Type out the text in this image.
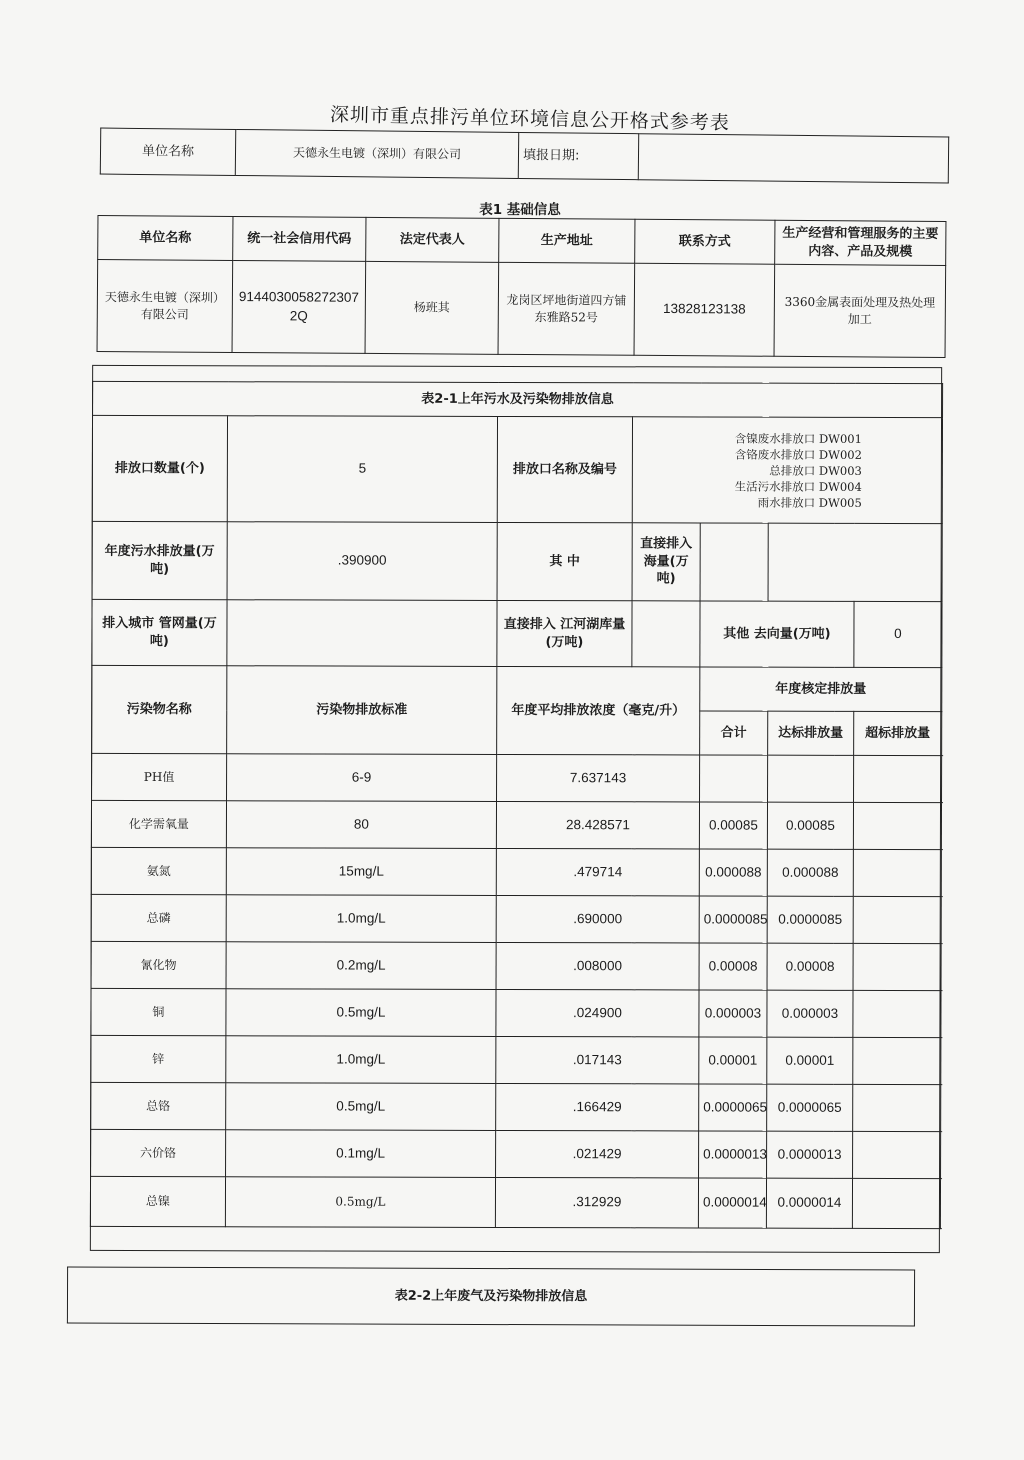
深圳市重点排污单位环境信息公开格式参考表
单位名称	天德永生电镀（深圳）有限公司	填报日期:	
表1 基础信息
单位名称	统一社会信用代码	法定代表人	生产地址	联系方式	生产经营和管理服务的主要内容、产品及规模
天德永生电镀（深圳）有限公司	91440300582723072Q	杨班其	龙岗区坪地街道四方铺东雅路52号	13828123138	3360金属表面处理及热处理加工
表2-1上年污水及污染物排放信息						
排放口数量(个)	5	排放口名称及编号	含镍废水排放口 DW001
含铬废水排放口 DW002
总排放口 DW003
生活污水排放口 DW004
雨水排放口 DW005			

年度污水排放量(万吨)	.390900	其 中	直接排入海量(万吨)			
排入城市 管网量(万吨)		直接排入 江河湖库量 (万吨)		其他 去向量(万吨)		0
污染物名称	污染物排放标准	年度平均排放浓度（毫克/升）		年度核定排放量		
				合计	达标排放量	超标排放量
PH值	6-9	7.637143				
化学需氧量	80	28.428571		0.00085	0.00085	
氨氮	15mg/L	.479714		0.000088	0.000088	
总磷	1.0mg/L	.690000		0.0000085	0.0000085	
氰化物	0.2mg/L	.008000		0.00008	0.00008	
铜	0.5mg/L	.024900		0.000003	0.000003	
锌	1.0mg/L	.017143		0.00001	0.00001	
总铬	0.5mg/L	.166429		0.0000065	0.0000065	
六价铬	0.1mg/L	.021429		0.0000013	0.0000013	
总镍	0.5mg/L	.312929		0.0000014	0.0000014	
表2-2上年废气及污染物排放信息
